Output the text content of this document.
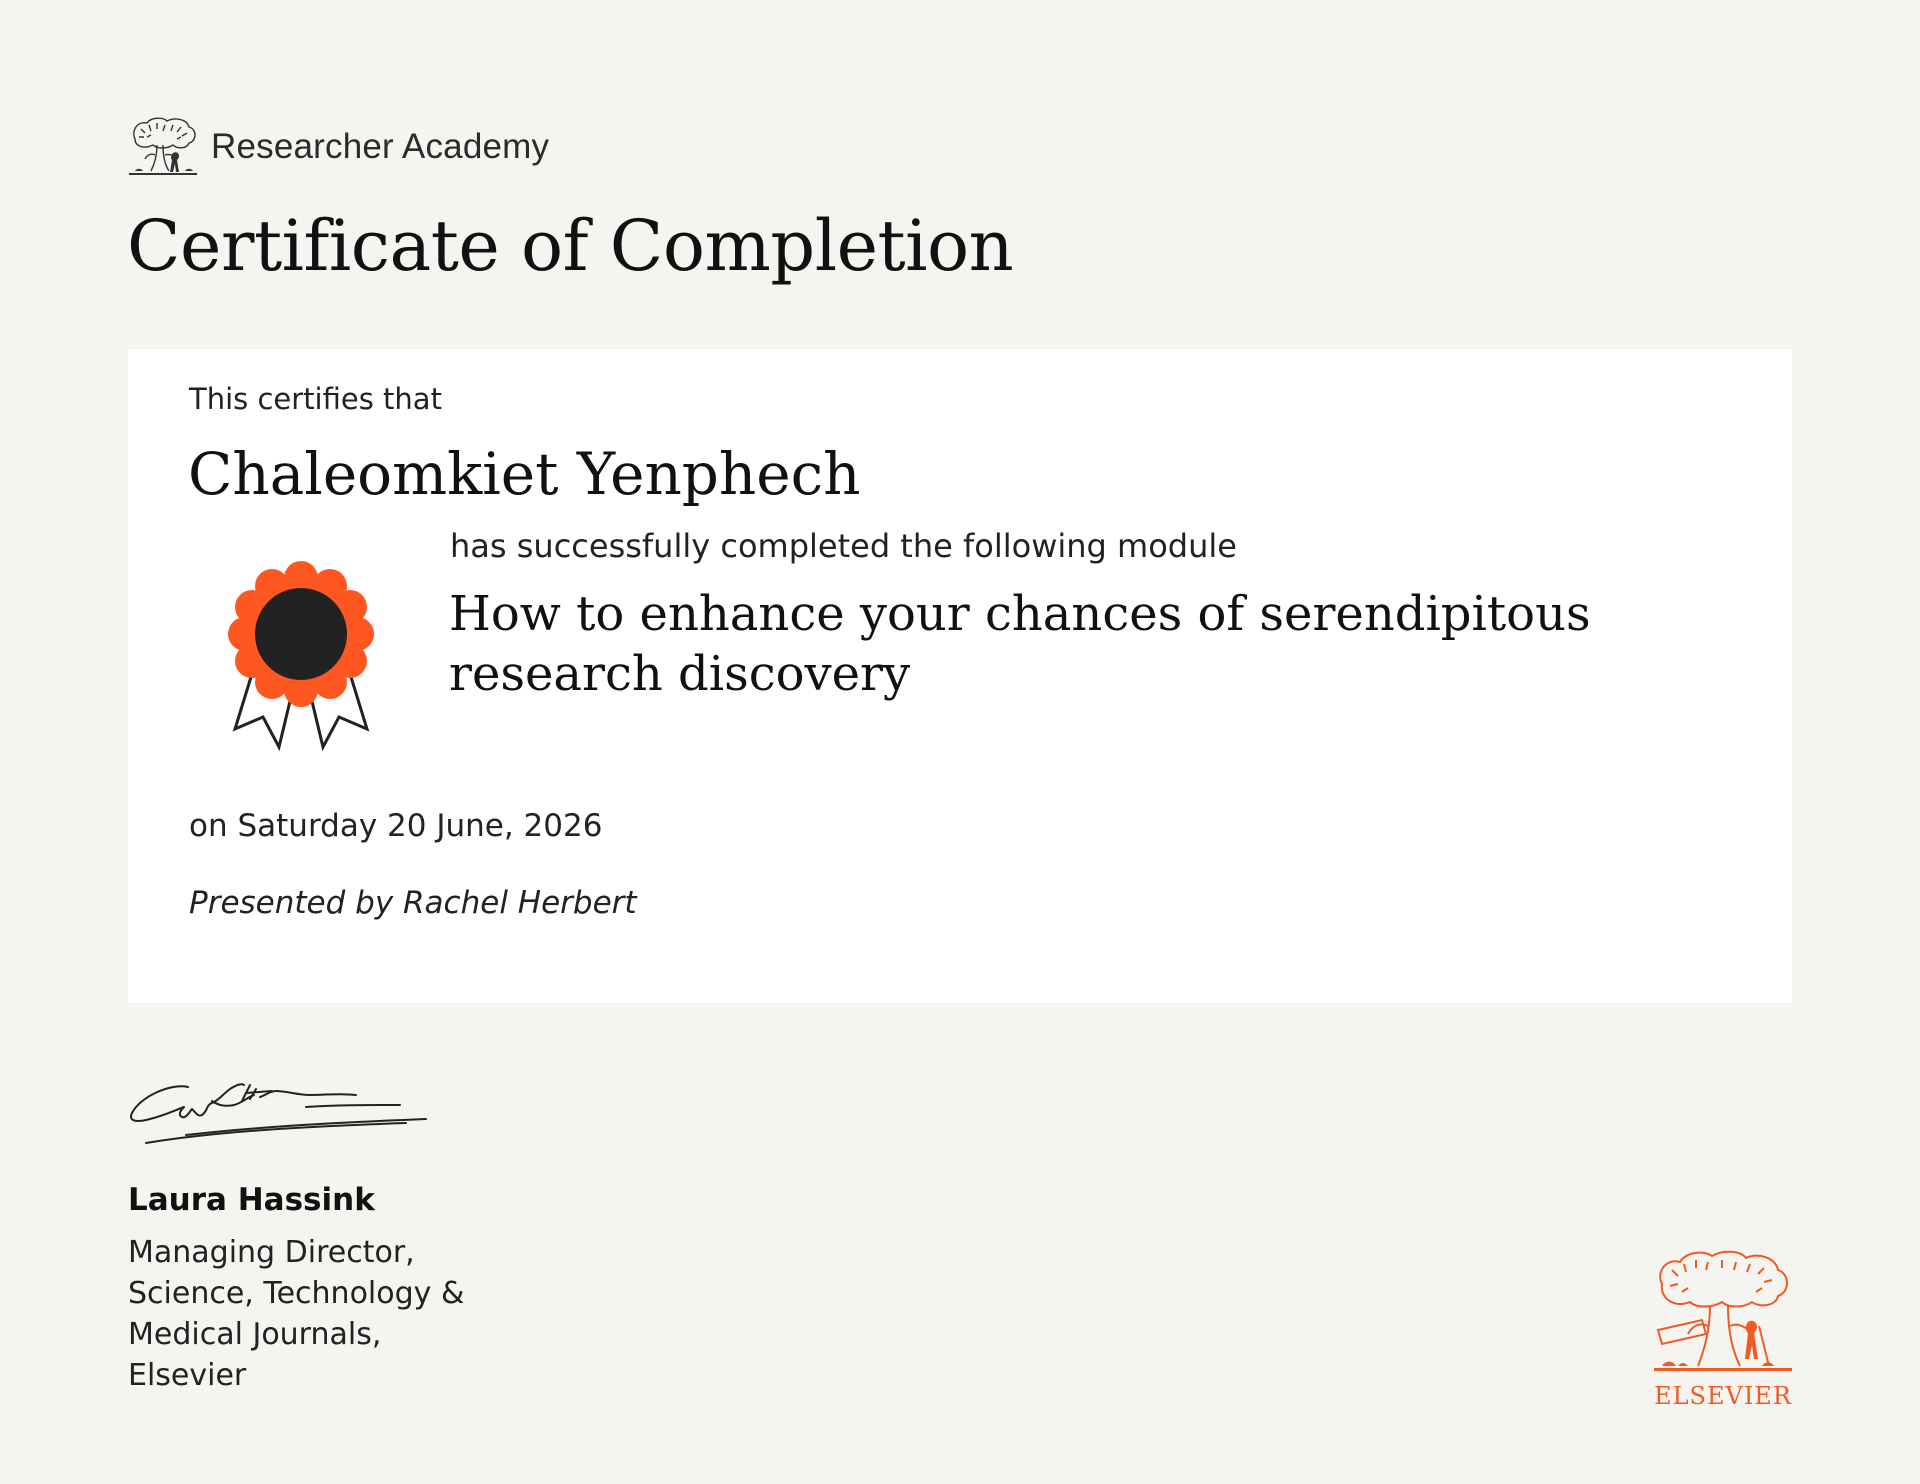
Researcher Academy
Certificate of Completion
This certifies that
Chaleomkiet Yenphech
has successfully completed the following module
How to enhance your chances of serendipitous research discovery
on Saturday 20 June, 2026
Presented by Rachel Herbert
Laura Hassink
Managing Director,
Science, Technology &
Medical Journals,
Elsevier
ELSEVIER
